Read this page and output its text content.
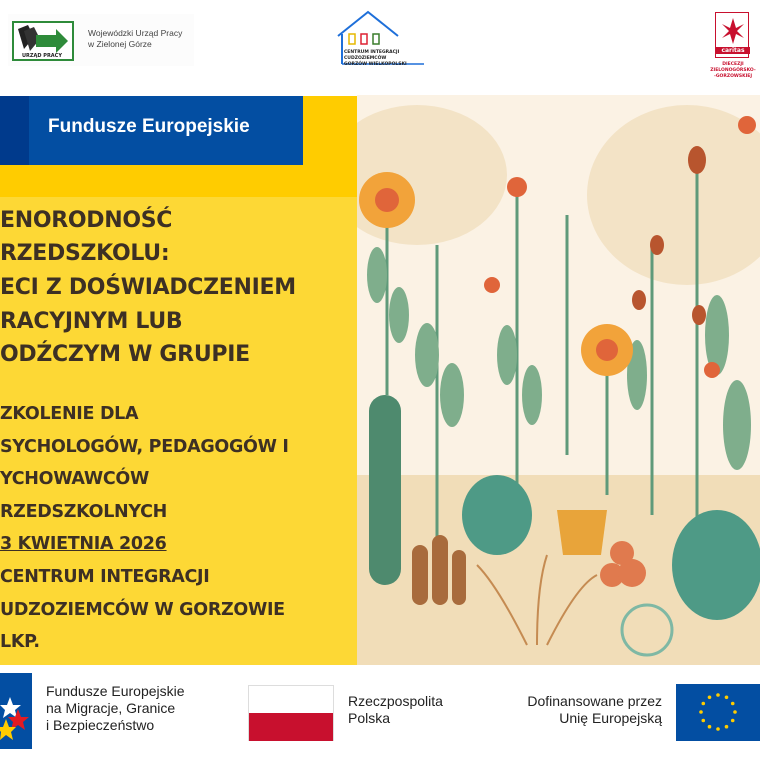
URZĄD PRACY
Wojewódzki Urząd Pracy
w Zielonej Górze
CENTRUM INTEGRACJI CUDZOZIEMCÓW
GORZÓW WIELKOPOLSKI
caritas
DIECEZJI
ZIELONOGÓRSKO-
-GORZOWSKIEJ
Fundusze Europejskie
ENORODNOŚĆ
RZEDSZKOLU:
ECI Z DOŚWIADCZENIEM
RACYJNYM LUB
ODŹCZYM W GRUPIE
ZKOLENIE DLA
SYCHOLOGÓW, PEDAGOGÓW I
YCHOWAWCÓW
RZEDSZKOLNYCH
3 KWIETNIA 2026
CENTRUM INTEGRACJI
UDZOZIEMCÓW W GORZOWIE
LKP.
Fundusze Europejskie
na Migracje, Granice
i Bezpieczeństwo
Rzeczpospolita
Polska
Dofinansowane przez
Unię Europejską
